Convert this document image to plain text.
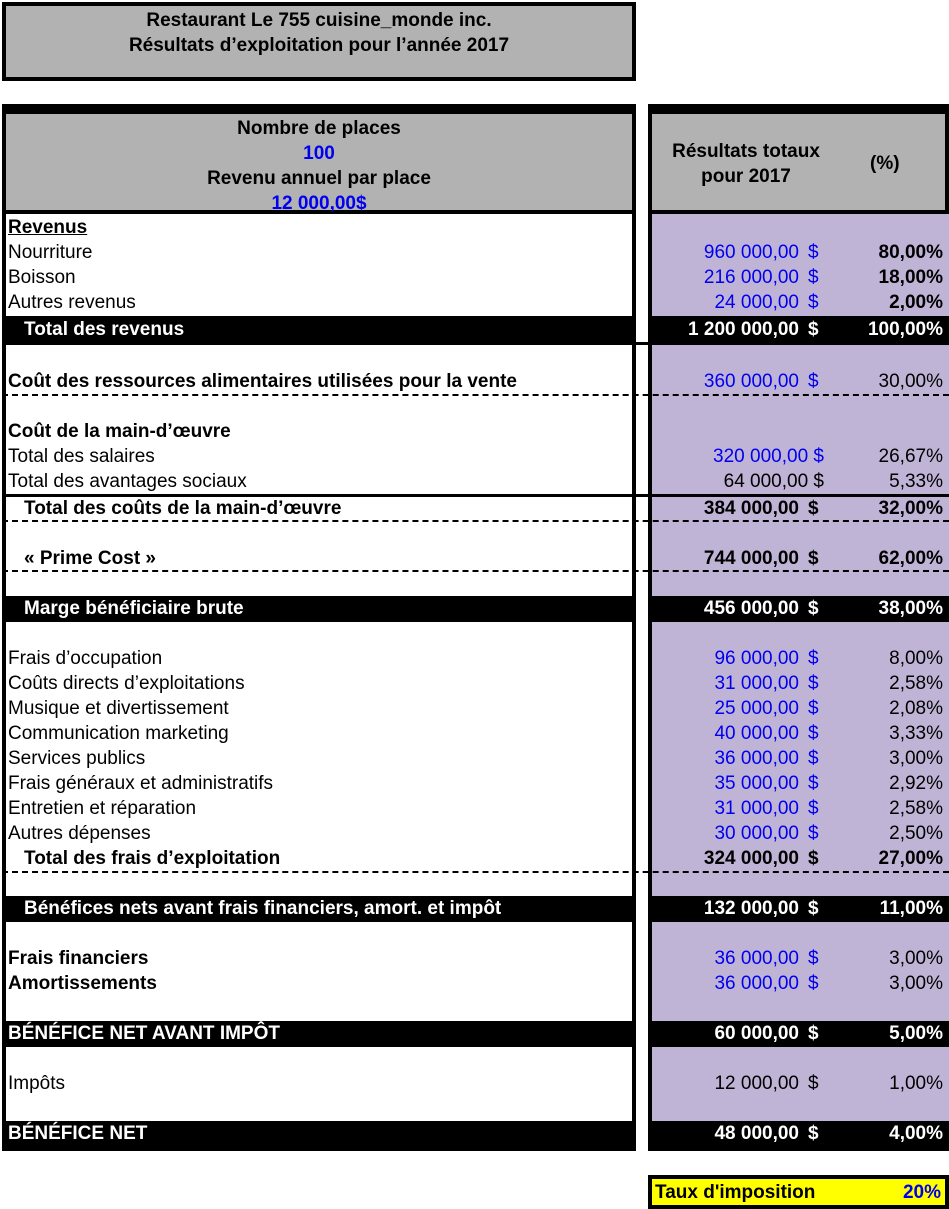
Restaurant Le 755 cuisine_monde inc.
Résultats d’exploitation pour l’année 2017
Nombre de places
100
Revenu annuel par place
12 000,00$
Résultats totaux
pour 2017
(%)
Revenus
Nourriture	960 000,00 $	80,00%
Boisson	216 000,00 $	18,00%
Autres revenus	24 000,00 $	2,00%
Total des revenus	1 200 000,00 $	100,00%
Coût des ressources alimentaires utilisées pour la vente	360 000,00 $	30,00%
Coût de la main-d’œuvre
Total des salaires	320 000,00 $	26,67%
Total des avantages sociaux	64 000,00 $	5,33%
Total des coûts de la main-d’œuvre	384 000,00 $	32,00%
« Prime Cost »	744 000,00 $	62,00%
Marge bénéficiaire brute	456 000,00 $	38,00%
Frais d’occupation	96 000,00 $	8,00%
Coûts directs d’exploitations	31 000,00 $	2,58%
Musique et divertissement	25 000,00 $	2,08%
Communication marketing	40 000,00 $	3,33%
Services publics	36 000,00 $	3,00%
Frais généraux et administratifs	35 000,00 $	2,92%
Entretien et réparation	31 000,00 $	2,58%
Autres dépenses	30 000,00 $	2,50%
Total des frais d’exploitation	324 000,00 $	27,00%
Bénéfices nets avant frais financiers, amort. et impôt	132 000,00 $	11,00%
Frais financiers	36 000,00 $	3,00%
Amortissements	36 000,00 $	3,00%
BÉNÉFICE NET AVANT IMPÔT	60 000,00 $	5,00%
Impôts	12 000,00 $	1,00%
BÉNÉFICE NET	48 000,00 $	4,00%
Taux d'imposition	20%
